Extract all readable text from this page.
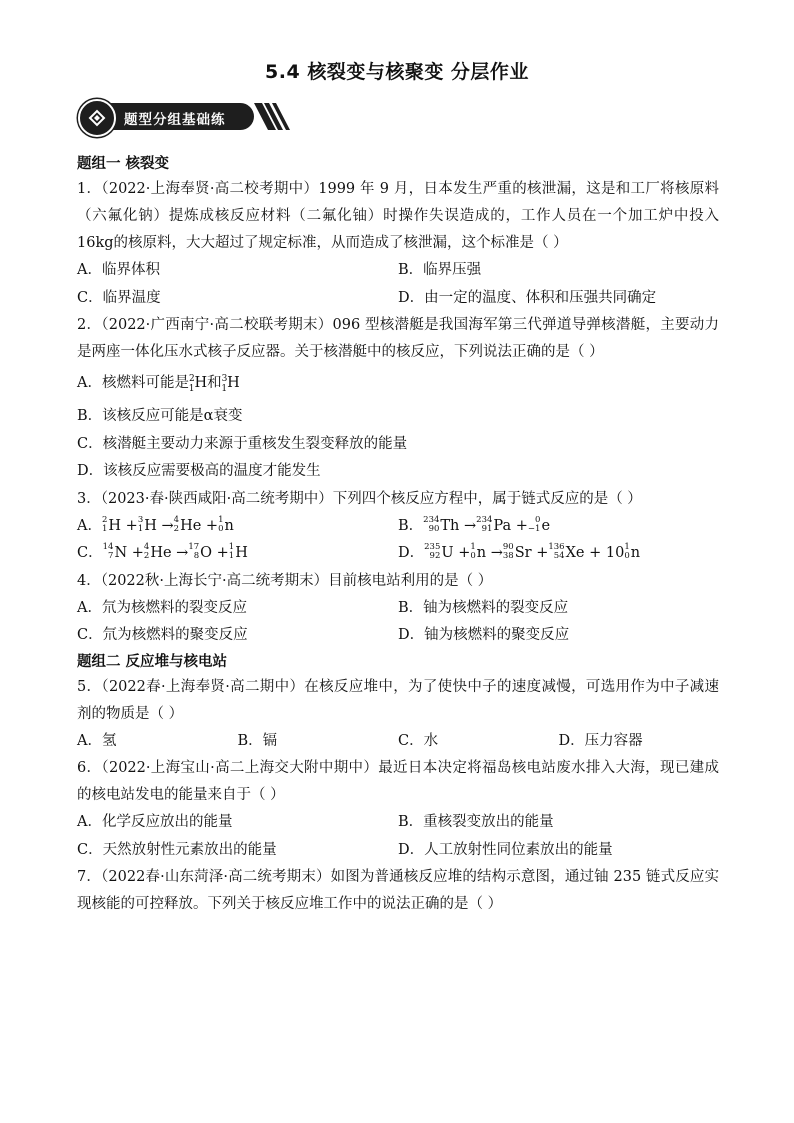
5.4 核裂变与核聚变 分层作业
题型分组基础练

题组一 核裂变

1．（2022·上海奉贤·高二校考期中）1999 年 9 月，日本发生严重的核泄漏，这是和工厂将核原料（六氟化钠）提炼成核反应材料（二氟化铀）时操作失误造成的，工作人员在一个加工炉中投入16kg的核原料，大大超过了规定标准，从而造成了核泄漏，这个标准是（ ）

A．临界体积	B．临界压强
C．临界温度	D．由一定的温度、体积和压强共同确定

2．（2022·广西南宁·高二校联考期末）096 型核潜艇是我国海军第三代弹道导弹核潜艇，主要动力是两座一体化压水式核子反应器。关于核潜艇中的核反应，下列说法正确的是（ ）

A．核燃料可能是$^2_1$H和$^3_1$H
B．该核反应可能是α衰变
C．核潜艇主要动力来源于重核发生裂变释放的能量
D．该核反应需要极高的温度才能发生

3．（2023·春·陕西咸阳·高二统考期中）下列四个核反应方程中，属于链式反应的是（ ）

A． 2
1 H + 3
1 H → 4
2 He + 1
0 n	B． 234
90 Th → 234
91 Pa + 0
−1 e
C． 14
7 N + 4
2 He → 17
8 O + 1
1 H	D． 235
92 U + 1
0 n → 90
38 Sr + 136
54 Xe + 10 1
0 n

4．（2022秋·上海长宁·高二统考期末）目前核电站利用的是（ ）

A．氘为核燃料的裂变反应	B．铀为核燃料的裂变反应
C．氘为核燃料的聚变反应	D．铀为核燃料的聚变反应

题组二 反应堆与核电站

5．（2022春·上海奉贤·高二期中）在核反应堆中，为了使快中子的速度减慢，可选用作为中子减速剂的物质是（ ）

A．氢	B．镉	C．水	D．压力容器

6．（2022·上海宝山·高二上海交大附中期中）最近日本决定将福岛核电站废水排入大海，现已建成的核电站发电的能量来自于（ ）

A．化学反应放出的能量	B．重核裂变放出的能量
C．天然放射性元素放出的能量	D．人工放射性同位素放出的能量

7．（2022春·山东菏泽·高二统考期末）如图为普通核反应堆的结构示意图，通过铀 235 链式反应实现核能的可控释放。下列关于核反应堆工作中的说法正确的是（ ）
